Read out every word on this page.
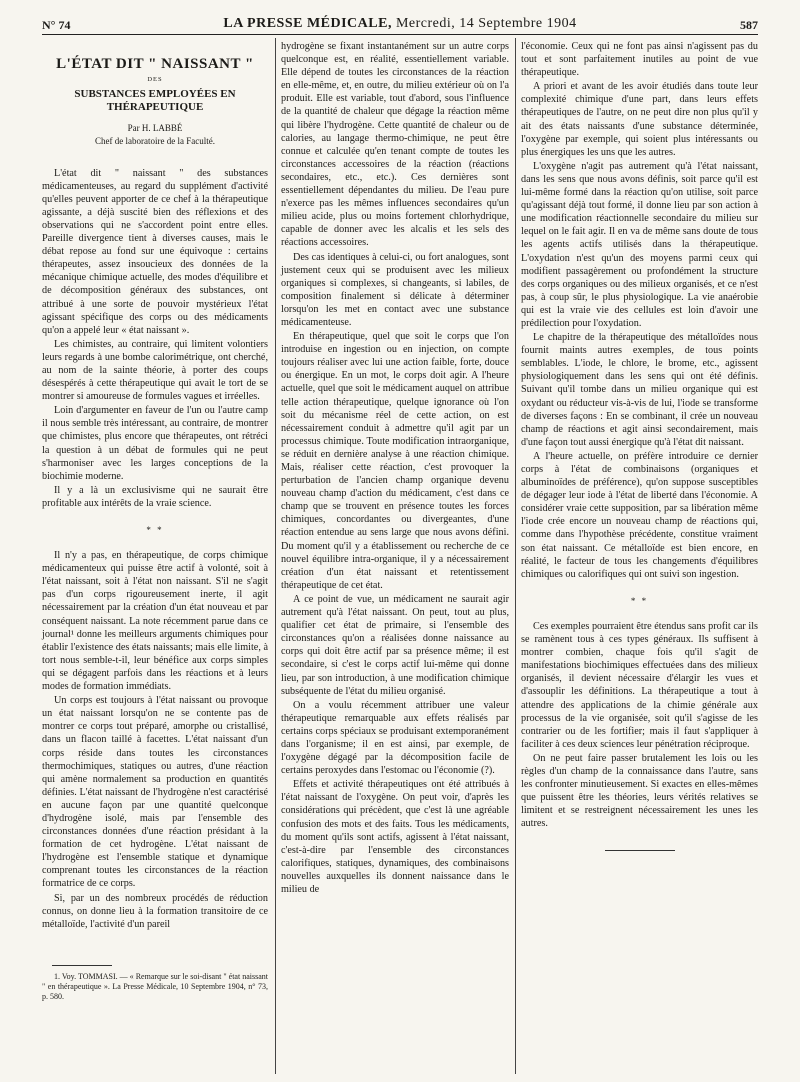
N° 74	LA PRESSE MÉDICALE, Mercredi, 14 Septembre 1904	587

L'ÉTAT DIT " NAISSANT "

DES

SUBSTANCES EMPLOYÉES EN THÉRAPEUTIQUE

Par H. LABBÉ

Chef de laboratoire de la Faculté.

L'état dit " naissant " des substances médicamenteuses, au regard du supplément d'activité qu'elles peuvent apporter de ce chef à la thérapeutique agissante, a déjà suscité bien des réflexions et des observations qui ne s'accordent point entre elles. Pareille divergence tient à diverses causes, mais le débat repose au fond sur une équivoque : certains thérapeutes, assez insoucieux des données de la mécanique chimique actuelle, des modes d'équilibre et de décomposition généraux des substances, ont attribué à une sorte de pouvoir mystérieux l'état agissant spécifique des corps ou des médicaments qu'on a appelé leur « état naissant ».

Les chimistes, au contraire, qui limitent volontiers leurs regards à une bombe calorimétrique, ont cherché, au nom de la sainte théorie, à porter des coups désespérés à cette thérapeutique qui avait le tort de se montrer si amoureuse de formules vagues et irréelles.

Loin d'argumenter en faveur de l'un ou l'autre camp il nous semble très intéressant, au contraire, de montrer que chimistes, plus encore que thérapeutes, ont rétréci la question à un débat de formules qui ne peut s'harmoniser avec les larges conceptions de la biochimie moderne.

Il y a là un exclusivisme qui ne saurait être profitable aux intérêts de la vraie science.

* *

Il n'y a pas, en thérapeutique, de corps chimique médicamenteux qui puisse être actif à volonté, soit à l'état naissant, soit à l'état non naissant. S'il ne s'agit pas d'un corps rigoureusement inerte, il agit nécessairement par la création d'un état nouveau et par conséquent naissant. La note récemment parue dans ce journal¹ donne les meilleurs arguments chimiques pour établir l'existence des états naissants; mais elle limite, à tort nous semble-t-il, leur bénéfice aux corps simples qui se dégagent parfois dans les réactions et à leurs modes de formation immédiats.

Un corps est toujours à l'état naissant ou provoque un état naissant lorsqu'on ne se contente pas de montrer ce corps tout préparé, amorphe ou cristallisé, dans un flacon taillé à facettes. L'état naissant d'un corps réside dans toutes les circonstances thermochimiques, statiques ou autres, d'une réaction qui amène normalement sa production en quantités définies. L'état naissant de l'hydrogène n'est caractérisé en aucune façon par une quantité quelconque d'hydrogène isolé, mais par l'ensemble des circonstances données d'une réaction présidant à la formation de cet hydrogène. L'état naissant de l'hydrogène est l'ensemble statique et dynamique comprenant toutes les circonstances de la réaction formatrice de ce corps.

Si, par un des nombreux procédés de réduction connus, on donne lieu à la formation transitoire de ce métalloïde, l'activité d'un pareil

1. Voy. TOMMASI. — « Remarque sur le soi-disant " état naissant " en thérapeutique ». La Presse Médicale, 10 Septembre 1904, n° 73, p. 580.

hydrogène se fixant instantanément sur un autre corps quelconque est, en réalité, essentiellement variable. Elle dépend de toutes les circonstances de la réaction en elle-même, et, en outre, du milieu extérieur où on l'a produit. Elle est variable, tout d'abord, sous l'influence de la quantité de chaleur que dégage la réaction même qui libère l'hydrogène. Cette quantité de chaleur ou de calories, au langage thermo-chimique, ne peut être connue et calculée qu'en tenant compte de toutes les circonstances accessoires de la réaction (réactions secondaires, etc., etc.). Ces dernières sont essentiellement dépendantes du milieu. De l'eau pure n'exerce pas les mêmes influences secondaires qu'un milieu acide, plus ou moins fortement chlorhydrique, capable de donner avec les alcalis et les sels des réactions accessoires.

Des cas identiques à celui-ci, ou fort analogues, sont justement ceux qui se produisent avec les milieux organiques si complexes, si changeants, si labiles, de composition finalement si délicate à déterminer lorsqu'on les met en contact avec une substance médicamenteuse.

En thérapeutique, quel que soit le corps que l'on introduise en ingestion ou en injection, on compte toujours réaliser avec lui une action faible, forte, douce ou énergique. En un mot, le corps doit agir. A l'heure actuelle, quel que soit le médicament auquel on attribue telle action thérapeutique, quelque ignorance où l'on soit du mécanisme réel de cette action, on est nécessairement conduit à admettre qu'il agit par un processus chimique. Toute modification intraorganique, se réduit en dernière analyse à une réaction chimique. Mais, réaliser cette réaction, c'est provoquer la perturbation de l'ancien champ organique devenu nouveau champ d'action du médicament, c'est dans ce champ que se trouvent en présence toutes les forces chimiques, concordantes ou divergeantes, d'une réaction entendue au sens large que nous avons défini. Du moment qu'il y a établissement ou recherche de ce nouvel équilibre intra-organique, il y a nécessairement création d'un état naissant et retentissement thérapeutique de cet état.

A ce point de vue, un médicament ne saurait agir autrement qu'à l'état naissant. On peut, tout au plus, qualifier cet état de primaire, si l'ensemble des circonstances qu'on a réalisées donne naissance au corps qui doit être actif par sa présence même; il est secondaire, si c'est le corps actif lui-même qui donne lieu, par son introduction, à une modification chimique subséquente de l'état du milieu organisé.

On a voulu récemment attribuer une valeur thérapeutique remarquable aux effets réalisés par certains corps spéciaux se produisant extemporanément dans l'organisme; il en est ainsi, par exemple, de l'oxygène dégagé par la décomposition facile de certains peroxydes dans l'estomac ou l'économie (?).

Effets et activité thérapeutiques ont été attribués à l'état naissant de l'oxygène. On peut voir, d'après les considérations qui précèdent, que c'est là une agréable confusion des mots et des faits. Tous les médicaments, du moment qu'ils sont actifs, agissent à l'état naissant, c'est-à-dire par l'ensemble des circonstances calorifiques, statiques, dynamiques, des combinaisons nouvelles auxquelles ils donnent naissance dans le milieu de

l'économie. Ceux qui ne font pas ainsi n'agissent pas du tout et sont parfaitement inutiles au point de vue thérapeutique.

A priori et avant de les avoir étudiés dans toute leur complexité chimique d'une part, dans leurs effets thérapeutiques de l'autre, on ne peut dire non plus qu'il y ait des états naissants d'une substance déterminée, l'oxygène par exemple, qui soient plus intéressants ou plus énergiques les uns que les autres.

L'oxygène n'agit pas autrement qu'à l'état naissant, dans les sens que nous avons définis, soit parce qu'il est lui-même formé dans la réaction qu'on utilise, soit parce qu'agissant déjà tout formé, il donne lieu par son action à une modification réactionnelle secondaire du milieu sur lequel on le fait agir. Il en va de même sans doute de tous les agents actifs utilisés dans la thérapeutique. L'oxydation n'est qu'un des moyens parmi ceux qui modifient passagèrement ou profondément la structure des corps organiques ou des milieux organisés, et ce n'est pas, à coup sûr, le plus physiologique. La vie anaérobie qui est la vraie vie des cellules est loin d'avoir une prédilection pour l'oxydation.

Le chapitre de la thérapeutique des métalloïdes nous fournit maints autres exemples, de tous points semblables. L'iode, le chlore, le brome, etc., agissent physiologiquement dans les sens qui ont été définis. Suivant qu'il tombe dans un milieu organique qui est oxydant ou réducteur vis-à-vis de lui, l'iode se transforme de diverses façons : En se combinant, il crée un nouveau champ de réactions et agit ainsi secondairement, mais d'une façon tout aussi énergique qu'à l'état dit naissant.

A l'heure actuelle, on préfère introduire ce dernier corps à l'état de combinaisons (organiques et albuminoïdes de préférence), qu'on suppose susceptibles de dégager leur iode à l'état de liberté dans l'économie. A considérer vraie cette supposition, par sa libération même l'iode crée encore un nouveau champ de réactions qui, comme dans l'hypothèse précédente, constitue vraiment son état naissant. Ce métalloïde est bien encore, en réalité, le facteur de tous les changements d'équilibres chimiques ou calorifiques qui ont suivi son ingestion.

* *

Ces exemples pourraient être étendus sans profit car ils se ramènent tous à ces types généraux. Ils suffisent à montrer combien, chaque fois qu'il s'agit de manifestations biochimiques effectuées dans des milieux organisés, il devient nécessaire d'élargir les vues et d'assouplir les définitions. La thérapeutique a tout à attendre des applications de la chimie générale aux processus de la vie organisée, soit qu'il s'agisse de les contrarier ou de les fortifier; mais il faut s'appliquer à faciliter à ces deux sciences leur pénétration réciproque.

On ne peut faire passer brutalement les lois ou les règles d'un champ de la connaissance dans l'autre, sans les confronter minutieusement. Si exactes en elles-mêmes que puissent être les théories, leurs vérités relatives se limitent et se restreignent nécessairement les unes les autres.
